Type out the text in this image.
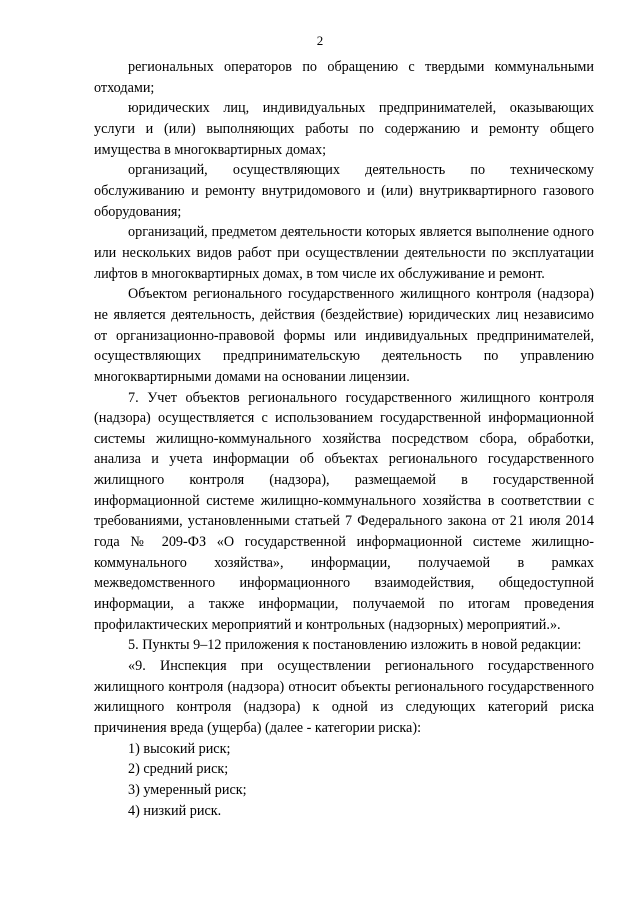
2

региональных операторов по обращению с твердыми коммунальными отходами;

юридических лиц, индивидуальных предпринимателей, оказывающих услуги и (или) выполняющих работы по содержанию и ремонту общего имущества в многоквартирных домах;

организаций, осуществляющих деятельность по техническому обслуживанию и ремонту внутридомового и (или) внутриквартирного газового оборудования;

организаций, предметом деятельности которых является выполнение одного или нескольких видов работ при осуществлении деятельности по эксплуатации лифтов в многоквартирных домах, в том числе их обслуживание и ремонт.

Объектом регионального государственного жилищного контроля (надзора) не является деятельность, действия (бездействие) юридических лиц независимо от организационно-правовой формы или индивидуальных предпринимателей, осуществляющих предпринимательскую деятельность по управлению многоквартирными домами на основании лицензии.

7. Учет объектов регионального государственного жилищного контроля (надзора) осуществляется с использованием государственной информационной системы жилищно-коммунального хозяйства посредством сбора, обработки, анализа и учета информации об объектах регионального государственного жилищного контроля (надзора), размещаемой в государственной информационной системе жилищно-коммунального хозяйства в соответствии с требованиями, установленными статьей 7 Федерального закона от 21 июля 2014 года № 209-ФЗ «О государственной информационной системе жилищно-коммунального хозяйства», информации, получаемой в рамках межведомственного информационного взаимодействия, общедоступной информации, а также информации, получаемой по итогам проведения профилактических мероприятий и контрольных (надзорных) мероприятий.».

5. Пункты 9–12 приложения к постановлению изложить в новой редакции:

«9. Инспекция при осуществлении регионального государственного жилищного контроля (надзора) относит объекты регионального государственного жилищного контроля (надзора) к одной из следующих категорий риска причинения вреда (ущерба) (далее - категории риска):

1) высокий риск;

2) средний риск;

3) умеренный риск;

4) низкий риск.
